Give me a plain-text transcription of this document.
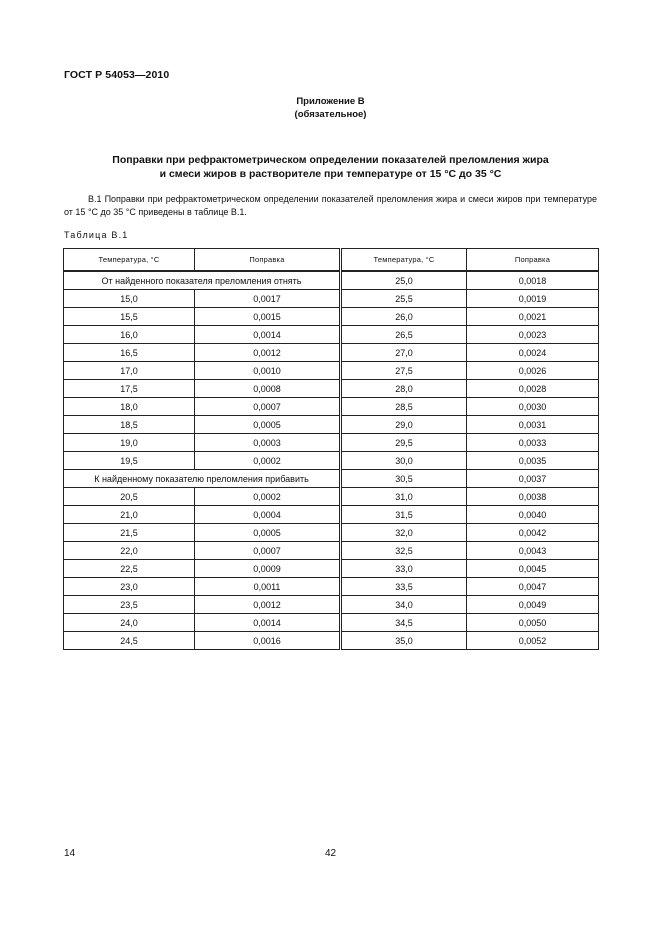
ГОСТ Р 54053—2010
Приложение В
(обязательное)
Поправки при рефрактометрическом определении показателей преломления жира
и смеси жиров в растворителе при температуре от 15 °С до 35 °С
В.1 Поправки при рефрактометрическом определении показателей преломления жира и смеси жиров при температуре от 15 °С до 35 °С приведены в таблице В.1.
Таблица В.1
Температура, °С	Поправка	Температура, °С	Поправка
От найденного показателя преломления отнять		25,0	0,0018
15,0	0,0017	25,5	0,0019
15,5	0,0015	26,0	0,0021
16,0	0,0014	26,5	0,0023
16,5	0,0012	27,0	0,0024
17,0	0,0010	27,5	0,0026
17,5	0,0008	28,0	0,0028
18,0	0,0007	28,5	0,0030
18,5	0,0005	29,0	0,0031
19,0	0,0003	29,5	0,0033
19,5	0,0002	30,0	0,0035
К найденному показателю преломления прибавить		30,5	0,0037
20,5	0,0002	31,0	0,0038
21,0	0,0004	31,5	0,0040
21,5	0,0005	32,0	0,0042
22,0	0,0007	32,5	0,0043
22,5	0,0009	33,0	0,0045
23,0	0,0011	33,5	0,0047
23,5	0,0012	34,0	0,0049
24,0	0,0014	34,5	0,0050
24,5	0,0016	35,0	0,0052
14	42
